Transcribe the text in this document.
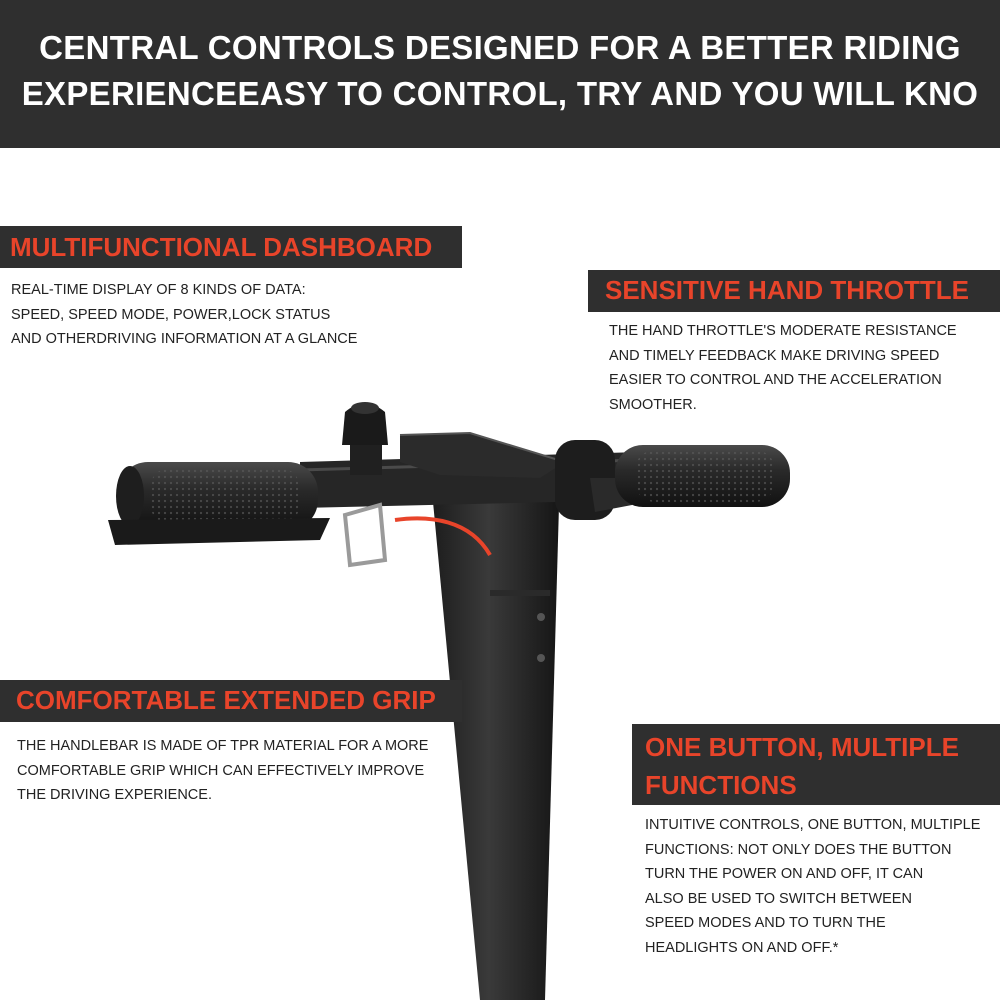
CENTRAL CONTROLS DESIGNED FOR A BETTER RIDING
EXPERIENCEEASY TO CONTROL, TRY AND YOU WILL KNO
MULTIFUNCTIONAL DASHBOARD
REAL-TIME DISPLAY OF 8 KINDS OF DATA:
SPEED, SPEED MODE, POWER,LOCK STATUS
AND OTHERDRIVING INFORMATION AT A GLANCE
SENSITIVE HAND THROTTLE
THE HAND THROTTLE'S MODERATE RESISTANCE
AND TIMELY FEEDBACK MAKE DRIVING SPEED
EASIER TO CONTROL AND THE ACCELERATION
SMOOTHER.
COMFORTABLE EXTENDED GRIP
THE HANDLEBAR IS MADE OF TPR MATERIAL FOR A MORE
COMFORTABLE GRIP WHICH CAN EFFECTIVELY IMPROVE
THE DRIVING EXPERIENCE.
ONE BUTTON, MULTIPLE
FUNCTIONS
INTUITIVE CONTROLS, ONE BUTTON, MULTIPLE
FUNCTIONS: NOT ONLY DOES THE BUTTON
TURN THE POWER ON AND OFF, IT CAN
ALSO BE USED TO SWITCH BETWEEN
SPEED MODES AND TO TURN THE
HEADLIGHTS ON AND OFF.*
